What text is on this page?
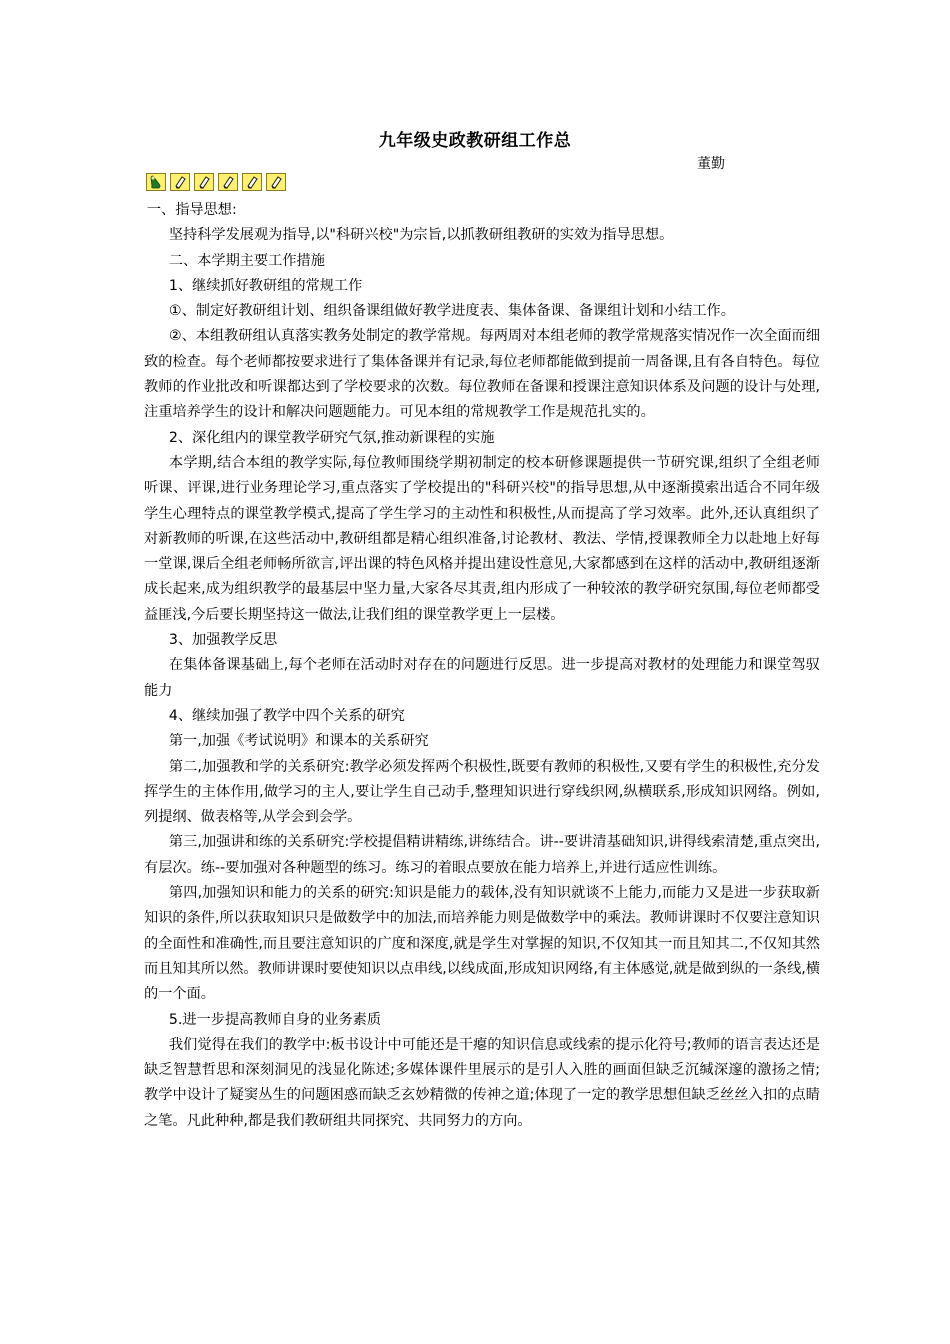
九年级史政教研组工作总
董勤

一、指导思想:

坚持科学发展观为指导,以"科研兴校"为宗旨,以抓教研组教研的实效为指导思想。

二、本学期主要工作措施

1、继续抓好教研组的常规工作

①、制定好教研组计划、组织备课组做好教学进度表、集体备课、备课组计划和小结工作。

②、本组教研组认真落实教务处制定的教学常规。每两周对本组老师的教学常规落实情况作一次全面而细致的检查。每个老师都按要求进行了集体备课并有记录,每位老师都能做到提前一周备课,且有各自特色。每位教师的作业批改和听课都达到了学校要求的次数。每位教师在备课和授课注意知识体系及问题的设计与处理,注重培养学生的设计和解决问题题能力。可见本组的常规教学工作是规范扎实的。

2、深化组内的课堂教学研究气氛,推动新课程的实施

本学期,结合本组的教学实际,每位教师围绕学期初制定的校本研修课题提供一节研究课,组织了全组老师听课、评课,进行业务理论学习,重点落实了学校提出的"科研兴校"的指导思想,从中逐渐摸索出适合不同年级学生心理特点的课堂教学模式,提高了学生学习的主动性和积极性,从而提高了学习效率。此外,还认真组织了对新教师的听课,在这些活动中,教研组都是精心组织准备,讨论教材、教法、学情,授课教师全力以赴地上好每一堂课,课后全组老师畅所欲言,评出课的特色风格并提出建设性意见,大家都感到在这样的活动中,教研组逐渐成长起来,成为组织教学的最基层中坚力量,大家各尽其责,组内形成了一种较浓的教学研究氛围,每位老师都受益匪浅,今后要长期坚持这一做法,让我们组的课堂教学更上一层楼。

3、加强教学反思

在集体备课基础上,每个老师在活动时对存在的问题进行反思。进一步提高对教材的处理能力和课堂驾驭能力

4、继续加强了教学中四个关系的研究

第一,加强《考试说明》和课本的关系研究

第二,加强教和学的关系研究:教学必须发挥两个积极性,既要有教师的积极性,又要有学生的积极性,充分发挥学生的主体作用,做学习的主人,要让学生自己动手,整理知识进行穿线织网,纵横联系,形成知识网络。例如,列提纲、做表格等,从学会到会学。

第三,加强讲和练的关系研究:学校提倡精讲精练,讲练结合。讲--要讲清基础知识,讲得线索清楚,重点突出,有层次。练--要加强对各种题型的练习。练习的着眼点要放在能力培养上,并进行适应性训练。

第四,加强知识和能力的关系的研究:知识是能力的载体,没有知识就谈不上能力,而能力又是进一步获取新知识的条件,所以获取知识只是做数学中的加法,而培养能力则是做数学中的乘法。教师讲课时不仅要注意知识的全面性和准确性,而且要注意知识的广度和深度,就是学生对掌握的知识,不仅知其一而且知其二,不仅知其然而且知其所以然。教师讲课时要使知识以点串线,以线成面,形成知识网络,有主体感觉,就是做到纵的一条线,横的一个面。

5.进一步提高教师自身的业务素质

我们觉得在我们的教学中:板书设计中可能还是干瘪的知识信息或线索的提示化符号;教师的语言表达还是缺乏智慧哲思和深刻洞见的浅显化陈述;多媒体课件里展示的是引人入胜的画面但缺乏沉缄深邃的激扬之情;教学中设计了疑窦丛生的问题困惑而缺乏玄妙精微的传神之道;体现了一定的教学思想但缺乏丝丝入扣的点睛之笔。凡此种种,都是我们教研组共同探究、共同努力的方向。
